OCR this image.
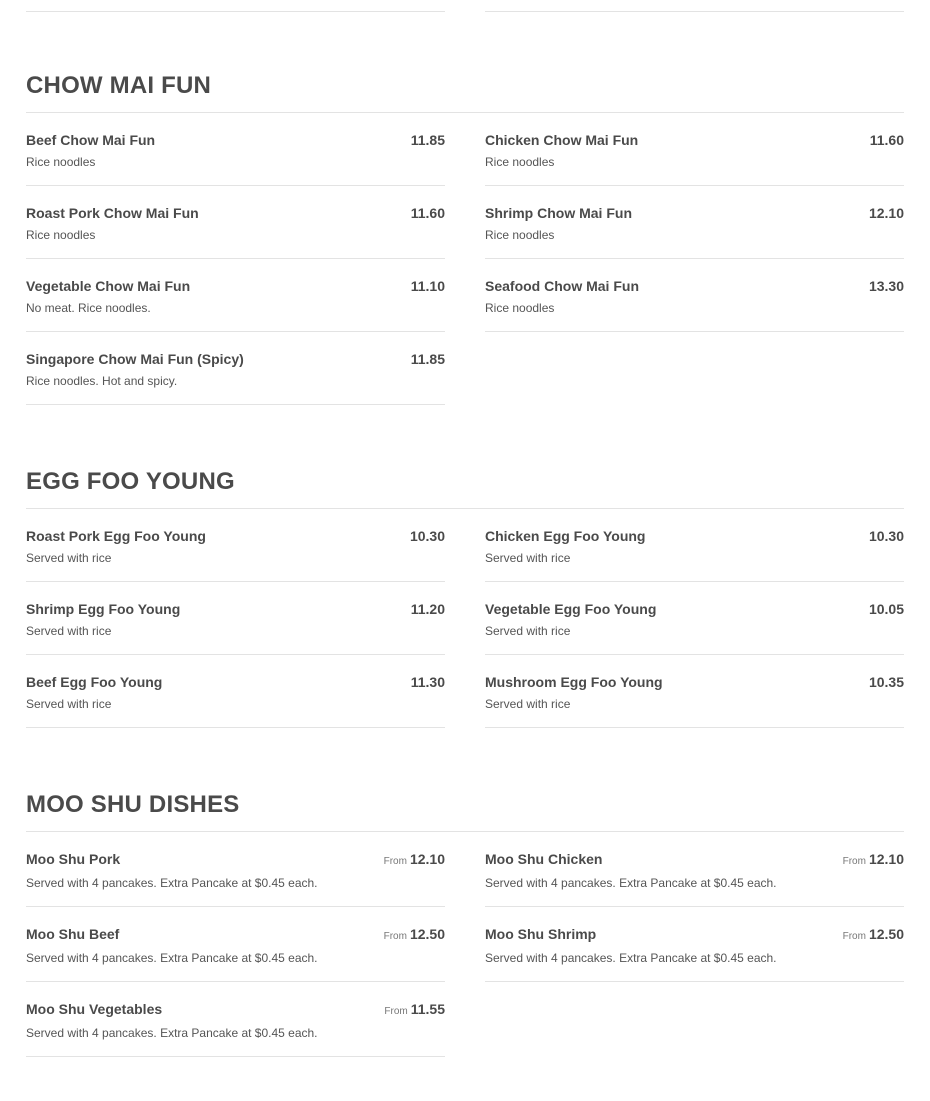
CHOW MAI FUN
Beef Chow Mai Fun	11.85
Rice noodles
Chicken Chow Mai Fun	11.60
Rice noodles
Roast Pork Chow Mai Fun	11.60
Rice noodles
Shrimp Chow Mai Fun	12.10
Rice noodles
Vegetable Chow Mai Fun	11.10
No meat. Rice noodles.
Seafood Chow Mai Fun	13.30
Rice noodles
Singapore Chow Mai Fun (Spicy)	11.85
Rice noodles. Hot and spicy.
EGG FOO YOUNG
Roast Pork Egg Foo Young	10.30
Served with rice
Chicken Egg Foo Young	10.30
Served with rice
Shrimp Egg Foo Young	11.20
Served with rice
Vegetable Egg Foo Young	10.05
Served with rice
Beef Egg Foo Young	11.30
Served with rice
Mushroom Egg Foo Young	10.35
Served with rice
MOO SHU DISHES
Moo Shu Pork	From 12.10
Served with 4 pancakes. Extra Pancake at $0.45 each.
Moo Shu Chicken	From 12.10
Served with 4 pancakes. Extra Pancake at $0.45 each.
Moo Shu Beef	From 12.50
Served with 4 pancakes. Extra Pancake at $0.45 each.
Moo Shu Shrimp	From 12.50
Served with 4 pancakes. Extra Pancake at $0.45 each.
Moo Shu Vegetables	From 11.55
Served with 4 pancakes. Extra Pancake at $0.45 each.
